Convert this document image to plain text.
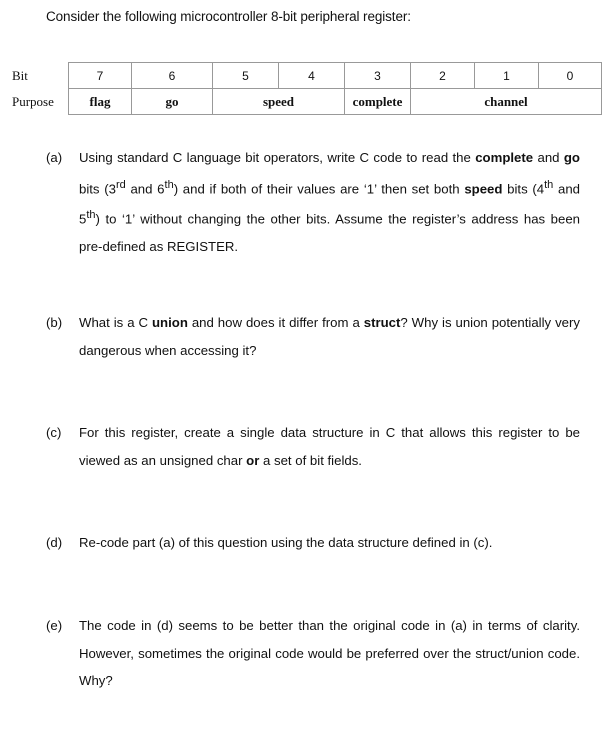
Consider the following microcontroller 8-bit peripheral register:
Bit	7	6	5	4	3	2	1	0
Purpose	flag	go	speed		complete	channel		
(a) Using standard C language bit operators, write C code to read the complete and go bits (3rd and 6th) and if both of their values are ‘1’ then set both speed bits (4th and 5th) to ‘1’ without changing the other bits. Assume the register’s address has been pre-defined as REGISTER.
(b) What is a C union and how does it differ from a struct? Why is union potentially very dangerous when accessing it?
(c) For this register, create a single data structure in C that allows this register to be viewed as an unsigned char or a set of bit fields.
(d) Re-code part (a) of this question using the data structure defined in (c).
(e) The code in (d) seems to be better than the original code in (a) in terms of clarity. However, sometimes the original code would be preferred over the struct/union code. Why?
